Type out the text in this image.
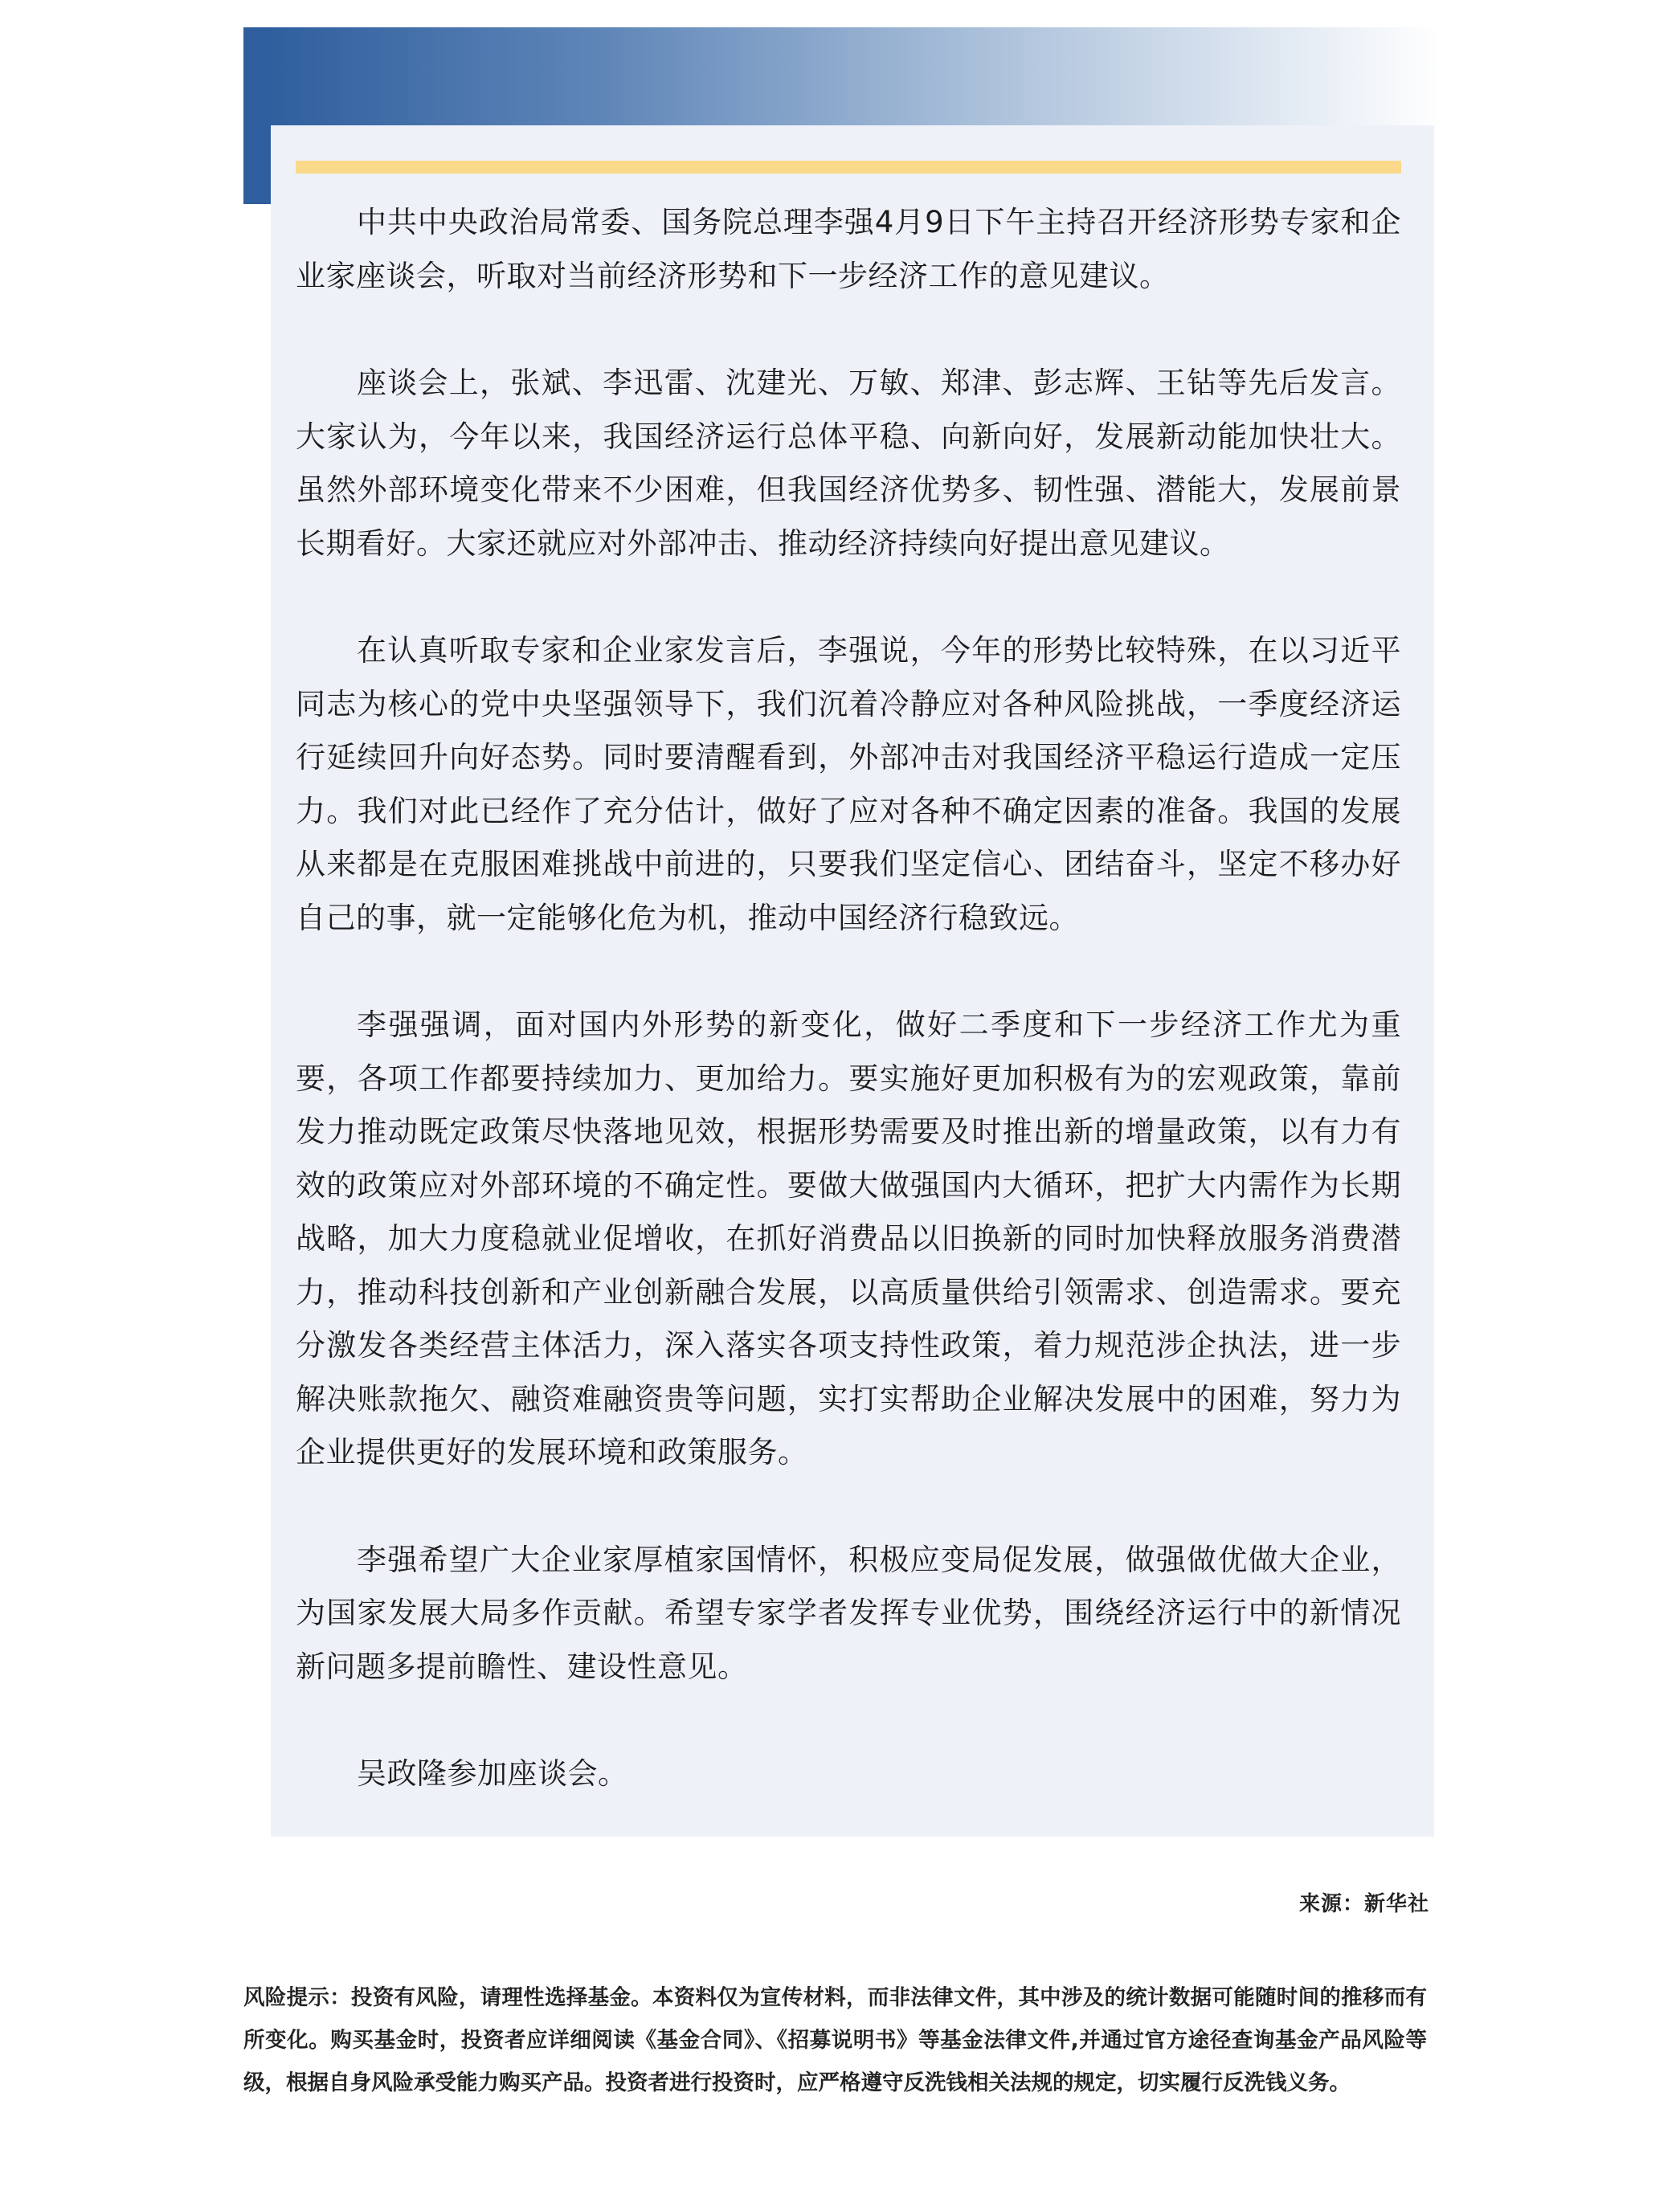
中共中央政治局常委、国务院总理李强4月9日下午主持召开经济形势专家和企业家座谈会，听取对当前经济形势和下一步经济工作的意见建议。

座谈会上，张斌、李迅雷、沈建光、万敏、郑津、彭志辉、王钻等先后发言。大家认为，今年以来，我国经济运行总体平稳、向新向好，发展新动能加快壮大。虽然外部环境变化带来不少困难，但我国经济优势多、韧性强、潜能大，发展前景长期看好。大家还就应对外部冲击、推动经济持续向好提出意见建议。

在认真听取专家和企业家发言后，李强说，今年的形势比较特殊，在以习近平同志为核心的党中央坚强领导下，我们沉着冷静应对各种风险挑战，一季度经济运行延续回升向好态势。同时要清醒看到，外部冲击对我国经济平稳运行造成一定压力。我们对此已经作了充分估计，做好了应对各种不确定因素的准备。我国的发展从来都是在克服困难挑战中前进的，只要我们坚定信心、团结奋斗，坚定不移办好自己的事，就一定能够化危为机，推动中国经济行稳致远。

李强强调，面对国内外形势的新变化，做好二季度和下一步经济工作尤为重要，各项工作都要持续加力、更加给力。要实施好更加积极有为的宏观政策，靠前发力推动既定政策尽快落地见效，根据形势需要及时推出新的增量政策，以有力有效的政策应对外部环境的不确定性。要做大做强国内大循环，把扩大内需作为长期战略，加大力度稳就业促增收，在抓好消费品以旧换新的同时加快释放服务消费潜力，推动科技创新和产业创新融合发展，以高质量供给引领需求、创造需求。要充分激发各类经营主体活力，深入落实各项支持性政策，着力规范涉企执法，进一步解决账款拖欠、融资难融资贵等问题，实打实帮助企业解决发展中的困难，努力为企业提供更好的发展环境和政策服务。

李强希望广大企业家厚植家国情怀，积极应变局促发展，做强做优做大企业，为国家发展大局多作贡献。希望专家学者发挥专业优势，围绕经济运行中的新情况新问题多提前瞻性、建设性意见。

吴政隆参加座谈会。

来源：新华社
风险提示：投资有风险，请理性选择基金。本资料仅为宣传材料，而非法律文件，其中涉及的统计数据可能随时间的推移而有所变化。购买基金时，投资者应详细阅读《基金合同》、《招募说明书》等基金法律文件,并通过官方途径查询基金产品风险等级，根据自身风险承受能力购买产品。投资者进行投资时，应严格遵守反洗钱相关法规的规定，切实履行反洗钱义务。
